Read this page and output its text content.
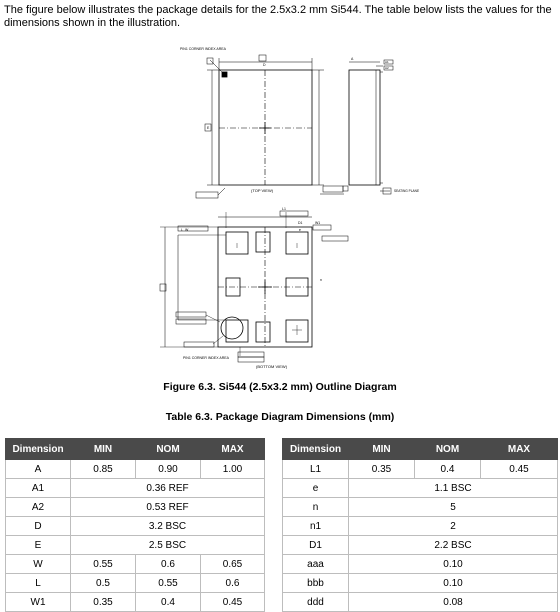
The figure below illustrates the package details for the 2.5x3.2 mm Si544. The table below lists the values for the dimensions shown in the illustration.
PIN1 CORNER INDEX AREA
(TOP VIEW)
D
E
A
A1
A2
SEATING PLANE
PIN1 CORNER INDEX AREA
(BOTTOM VIEW)
e
L W
L1
W1
n
D1
Figure 6.3. Si544 (2.5x3.2 mm) Outline Diagram
Table 6.3. Package Diagram Dimensions (mm)
Dimension	MIN	NOM	MAX		Dimension	MIN	NOM	MAX
A	0.85	0.90	1.00		L1	0.35	0.4	0.45
A1	0.36 REF				e	1.1 BSC		
A2	0.53 REF				n	5		
D	3.2 BSC				n1	2		
E	2.5 BSC				D1	2.2 BSC		
W	0.55	0.6	0.65		aaa	0.10		
L	0.5	0.55	0.6		bbb	0.10		
W1	0.35	0.4	0.45		ddd	0.08		
